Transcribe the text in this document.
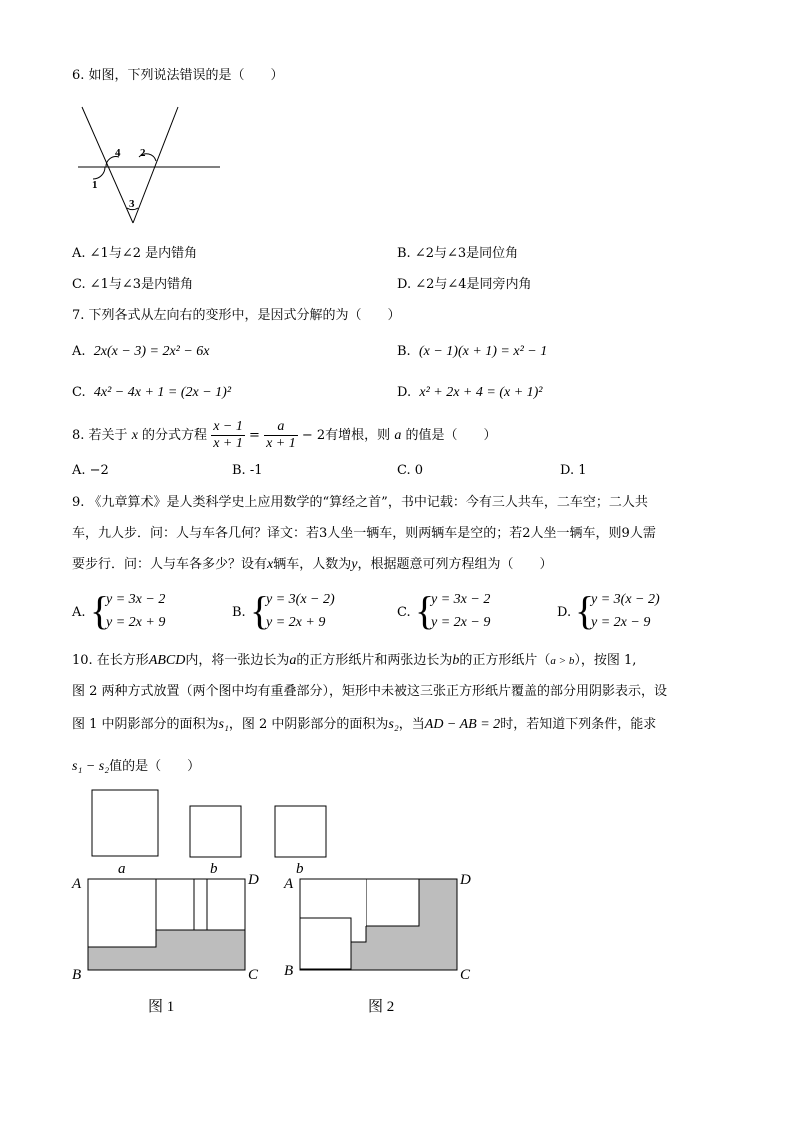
6. 如图，下列说法错误的是（　　）
4 2
1
3
A. ∠1与∠2 是内错角	B. ∠2与∠3是同位角
C. ∠1与∠3是内错角	D. ∠2与∠4是同旁内角
7. 下列各式从左向右的变形中，是因式分解的为（　　）
A. 2x(x − 3) = 2x² − 6x	B. (x − 1)(x + 1) = x² − 1
C. 4x² − 4x + 1 = (2x − 1)²	D. x² + 2x + 4 = (x + 1)²
8. 若关于 x 的分式方程 $\frac{x - 1}{x + 1} = \frac{a}{x + 1} - 2$有增根，则 a 的值是（　　）
A. −2	B. -1	C. 0	D. 1
9. 《九章算术》是人类科学史上应用数学的“算经之首”，书中记载：今有三人共车，二车空；二人共
车，九人步．问：人与车各几何？译文：若3人坐一辆车，则两辆车是空的；若2人坐一辆车，则9人需
要步行．问：人与车各多少？设有x辆车，人数为y，根据题意可列方程组为（　　）
A. {
y = 3x − 2
y = 2x + 9
B. {
y = 3(x − 2)
y = 2x + 9
C. {
y = 3x − 2
y = 2x − 9
D. {
y = 3(x − 2)
y = 2x − 9
10. 在长方形ABCD内，将一张边长为a的正方形纸片和两张边长为b的正方形纸片（a > b），按图 1,
图 2 两种方式放置（两个图中均有重叠部分），矩形中未被这三张正方形纸片覆盖的部分用阴影表示，设
图 1 中阴影部分的面积为s₁，图 2 中阴影部分的面积为s₂，当AD − AB = 2时，若知道下列条件，能求
s₁ − s₂值的是（　　）
a	b	b
A	D
B	C
图 1
A	D
B	C
图 2
